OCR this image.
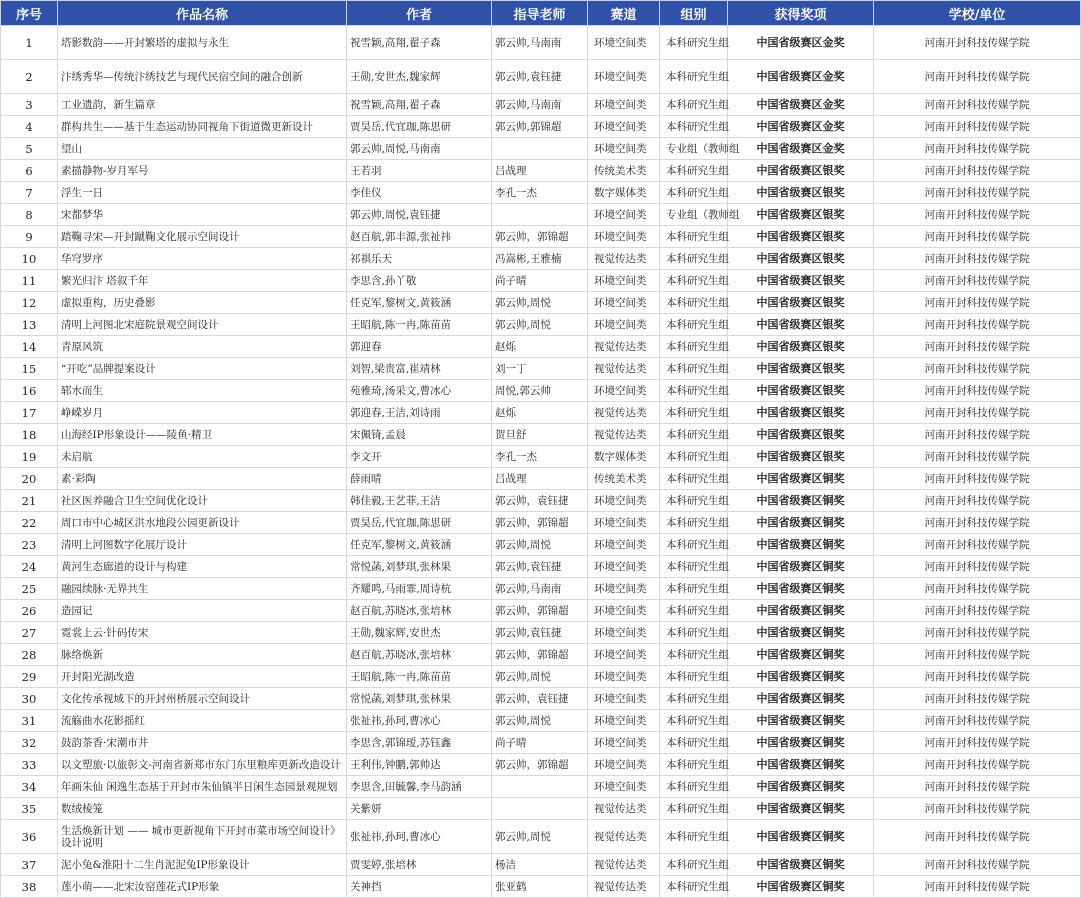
序号	作品名称	作者	指导老师	赛道	组别	获得奖项	学校/单位
1	塔影数韵——开封繁塔的虚拟与永生	祝雪颖,高翔,翟子森	郭云帅,马南南	环境空间类	本科研究生组	中国省级赛区金奖	河南开封科技传媒学院
2	汴绣秀华—传统汴绣技艺与现代民宿空间的融合创新	王勋,安世杰,魏家辉	郭云帅,袁钰捷	环境空间类	本科研究生组	中国省级赛区金奖	河南开封科技传媒学院
3	工业遗韵，新生篇章	祝雪颖,高翔,翟子森	郭云帅,马南南	环境空间类	本科研究生组	中国省级赛区金奖	河南开封科技传媒学院
4	群构共生——基于生态运动协同视角下街道微更新设计	贾昊岳,代宜珈,陈思研	郭云帅,郭锦超	环境空间类	本科研究生组	中国省级赛区金奖	河南开封科技传媒学院
5	望山	郭云帅,周悦,马南南		环境空间类	专业组（教师组	中国省级赛区金奖	河南开封科技传媒学院
6	素描静物-岁月军号	王若羽	吕战理	传统美术类	本科研究生组	中国省级赛区银奖	河南开封科技传媒学院
7	浮生一日	李佳仪	李孔一杰	数字媒体类	本科研究生组	中国省级赛区银奖	河南开封科技传媒学院
8	宋都梦华	郭云帅,周悦,袁钰捷		环境空间类	专业组（教师组	中国省级赛区银奖	河南开封科技传媒学院
9	踏鞠寻宋—开封蹴鞠文化展示空间设计	赵百航,郭丰源,张祉祎	郭云帅，郭锦超	环境空间类	本科研究生组	中国省级赛区银奖	河南开封科技传媒学院
10	华穹罗序	祁祺乐天	冯嵩彬,王雅楠	视觉传达类	本科研究生组	中国省级赛区银奖	河南开封科技传媒学院
11	繁光归汴 塔叙千年	李思含,孙丫敬	尚子晴	环境空间类	本科研究生组	中国省级赛区银奖	河南开封科技传媒学院
12	虚拟重构，历史叠影	任克军,黎树文,黄筱涵	郭云帅,周悦	环境空间类	本科研究生组	中国省级赛区银奖	河南开封科技传媒学院
13	清明上河图北宋庭院景观空间设计	王昭航,陈一冉,陈苗苗	郭云帅,周悦	环境空间类	本科研究生组	中国省级赛区银奖	河南开封科技传媒学院
14	青原风筑	郭迎春	赵烁	视觉传达类	本科研究生组	中国省级赛区银奖	河南开封科技传媒学院
15	“开吃”品牌提案设计	刘智,梁贵富,崔靖林	刘一丁	视觉传达类	本科研究生组	中国省级赛区银奖	河南开封科技传媒学院
16	郓水而生	苑雅琦,汤采文,曹冰心	周悦,郭云帅	环境空间类	本科研究生组	中国省级赛区银奖	河南开封科技传媒学院
17	峥嵘岁月	郭迎春,王洁,刘诗雨	赵烁	视觉传达类	本科研究生组	中国省级赛区银奖	河南开封科技传媒学院
18	山海经IP形象设计——陵鱼·精卫	宋佩锜,孟晨	贺旦舒	视觉传达类	本科研究生组	中国省级赛区银奖	河南开封科技传媒学院
19	未启航	李文开	李孔一杰	数字媒体类	本科研究生组	中国省级赛区银奖	河南开封科技传媒学院
20	素·彩陶	薛雨晴	吕战理	传统美术类	本科研究生组	中国省级赛区铜奖	河南开封科技传媒学院
21	社区医养融合卫生空间优化设计	韩佳毅,王艺菲,王洁	郭云帅，袁钰捷	环境空间类	本科研究生组	中国省级赛区铜奖	河南开封科技传媒学院
22	周口市中心城区洪水地段公园更新设计	贾昊岳,代宜珈,陈思研	郭云帅，郭锦超	环境空间类	本科研究生组	中国省级赛区铜奖	河南开封科技传媒学院
23	清明上河图数字化展厅设计	任克军,黎树文,黄筱涵	郭云帅,周悦	环境空间类	本科研究生组	中国省级赛区铜奖	河南开封科技传媒学院
24	黄河生态廊道的设计与构建	常悦菡,刘梦琪,张林果	郭云帅,袁钰捷	环境空间类	本科研究生组	中国省级赛区铜奖	河南开封科技传媒学院
25	融园续脉·无界共生	齐耀鸣,马雨霏,周诗杭	郭云帅,马南南	环境空间类	本科研究生组	中国省级赛区铜奖	河南开封科技传媒学院
26	造园记	赵百航,苏晓冰,张培林	郭云帅，郭锦超	环境空间类	本科研究生组	中国省级赛区铜奖	河南开封科技传媒学院
27	霓裳上云·针码传宋	王勋,魏家辉,安世杰	郭云帅,袁钰捷	环境空间类	本科研究生组	中国省级赛区铜奖	河南开封科技传媒学院
28	脉络焕新	赵百航,苏晓冰,张培林	郭云帅，郭锦超	环境空间类	本科研究生组	中国省级赛区铜奖	河南开封科技传媒学院
29	开封阳光湖改造	王昭航,陈一冉,陈苗苗	郭云帅,周悦	环境空间类	本科研究生组	中国省级赛区铜奖	河南开封科技传媒学院
30	文化传承视域下的开封州桥展示空间设计	常悦菡,刘梦琪,张林果	郭云帅，袁钰捷	环境空间类	本科研究生组	中国省级赛区铜奖	河南开封科技传媒学院
31	流觞曲水花影摇红	张祉祎,孙珂,曹冰心	郭云帅,周悦	环境空间类	本科研究生组	中国省级赛区铜奖	河南开封科技传媒学院
32	鼓韵茶香·宋潮市井	李思含,郭锦瑷,苏钰鑫	尚子晴	环境空间类	本科研究生组	中国省级赛区铜奖	河南开封科技传媒学院
33	以文塑旅·以旅彰文-河南省新郑市东门东里粮库更新改造设计	王利伟,钟鹏,郭帅达	郭云帅，郭锦超	环境空间类	本科研究生组	中国省级赛区铜奖	河南开封科技传媒学院
34	年画朱仙 闲逸生态基于开封市朱仙镇半日闲生态园景观规划	李思含,田毓馨,李马韵涵		环境空间类	本科研究生组	中国省级赛区铜奖	河南开封科技传媒学院
35	数绒棱笼	关紫妍		视觉传达类	本科研究生组	中国省级赛区铜奖	河南开封科技传媒学院
36	生活焕新计划 —— 城市更新视角下开封市菜市场空间设计》设计说明	张祉祎,孙珂,曹冰心	郭云帅,周悦	视觉传达类	本科研究生组	中国省级赛区铜奖	河南开封科技传媒学院
37	泥小兔&淮阳十二生肖泥泥兔IP形象设计	贾雯婷,张培林	杨洁	视觉传达类	本科研究生组	中国省级赛区铜奖	河南开封科技传媒学院
38	莲小萌——北宋汝窑莲花式IP形象	关神挡	张亚鹤	视觉传达类	本科研究生组	中国省级赛区铜奖	河南开封科技传媒学院
